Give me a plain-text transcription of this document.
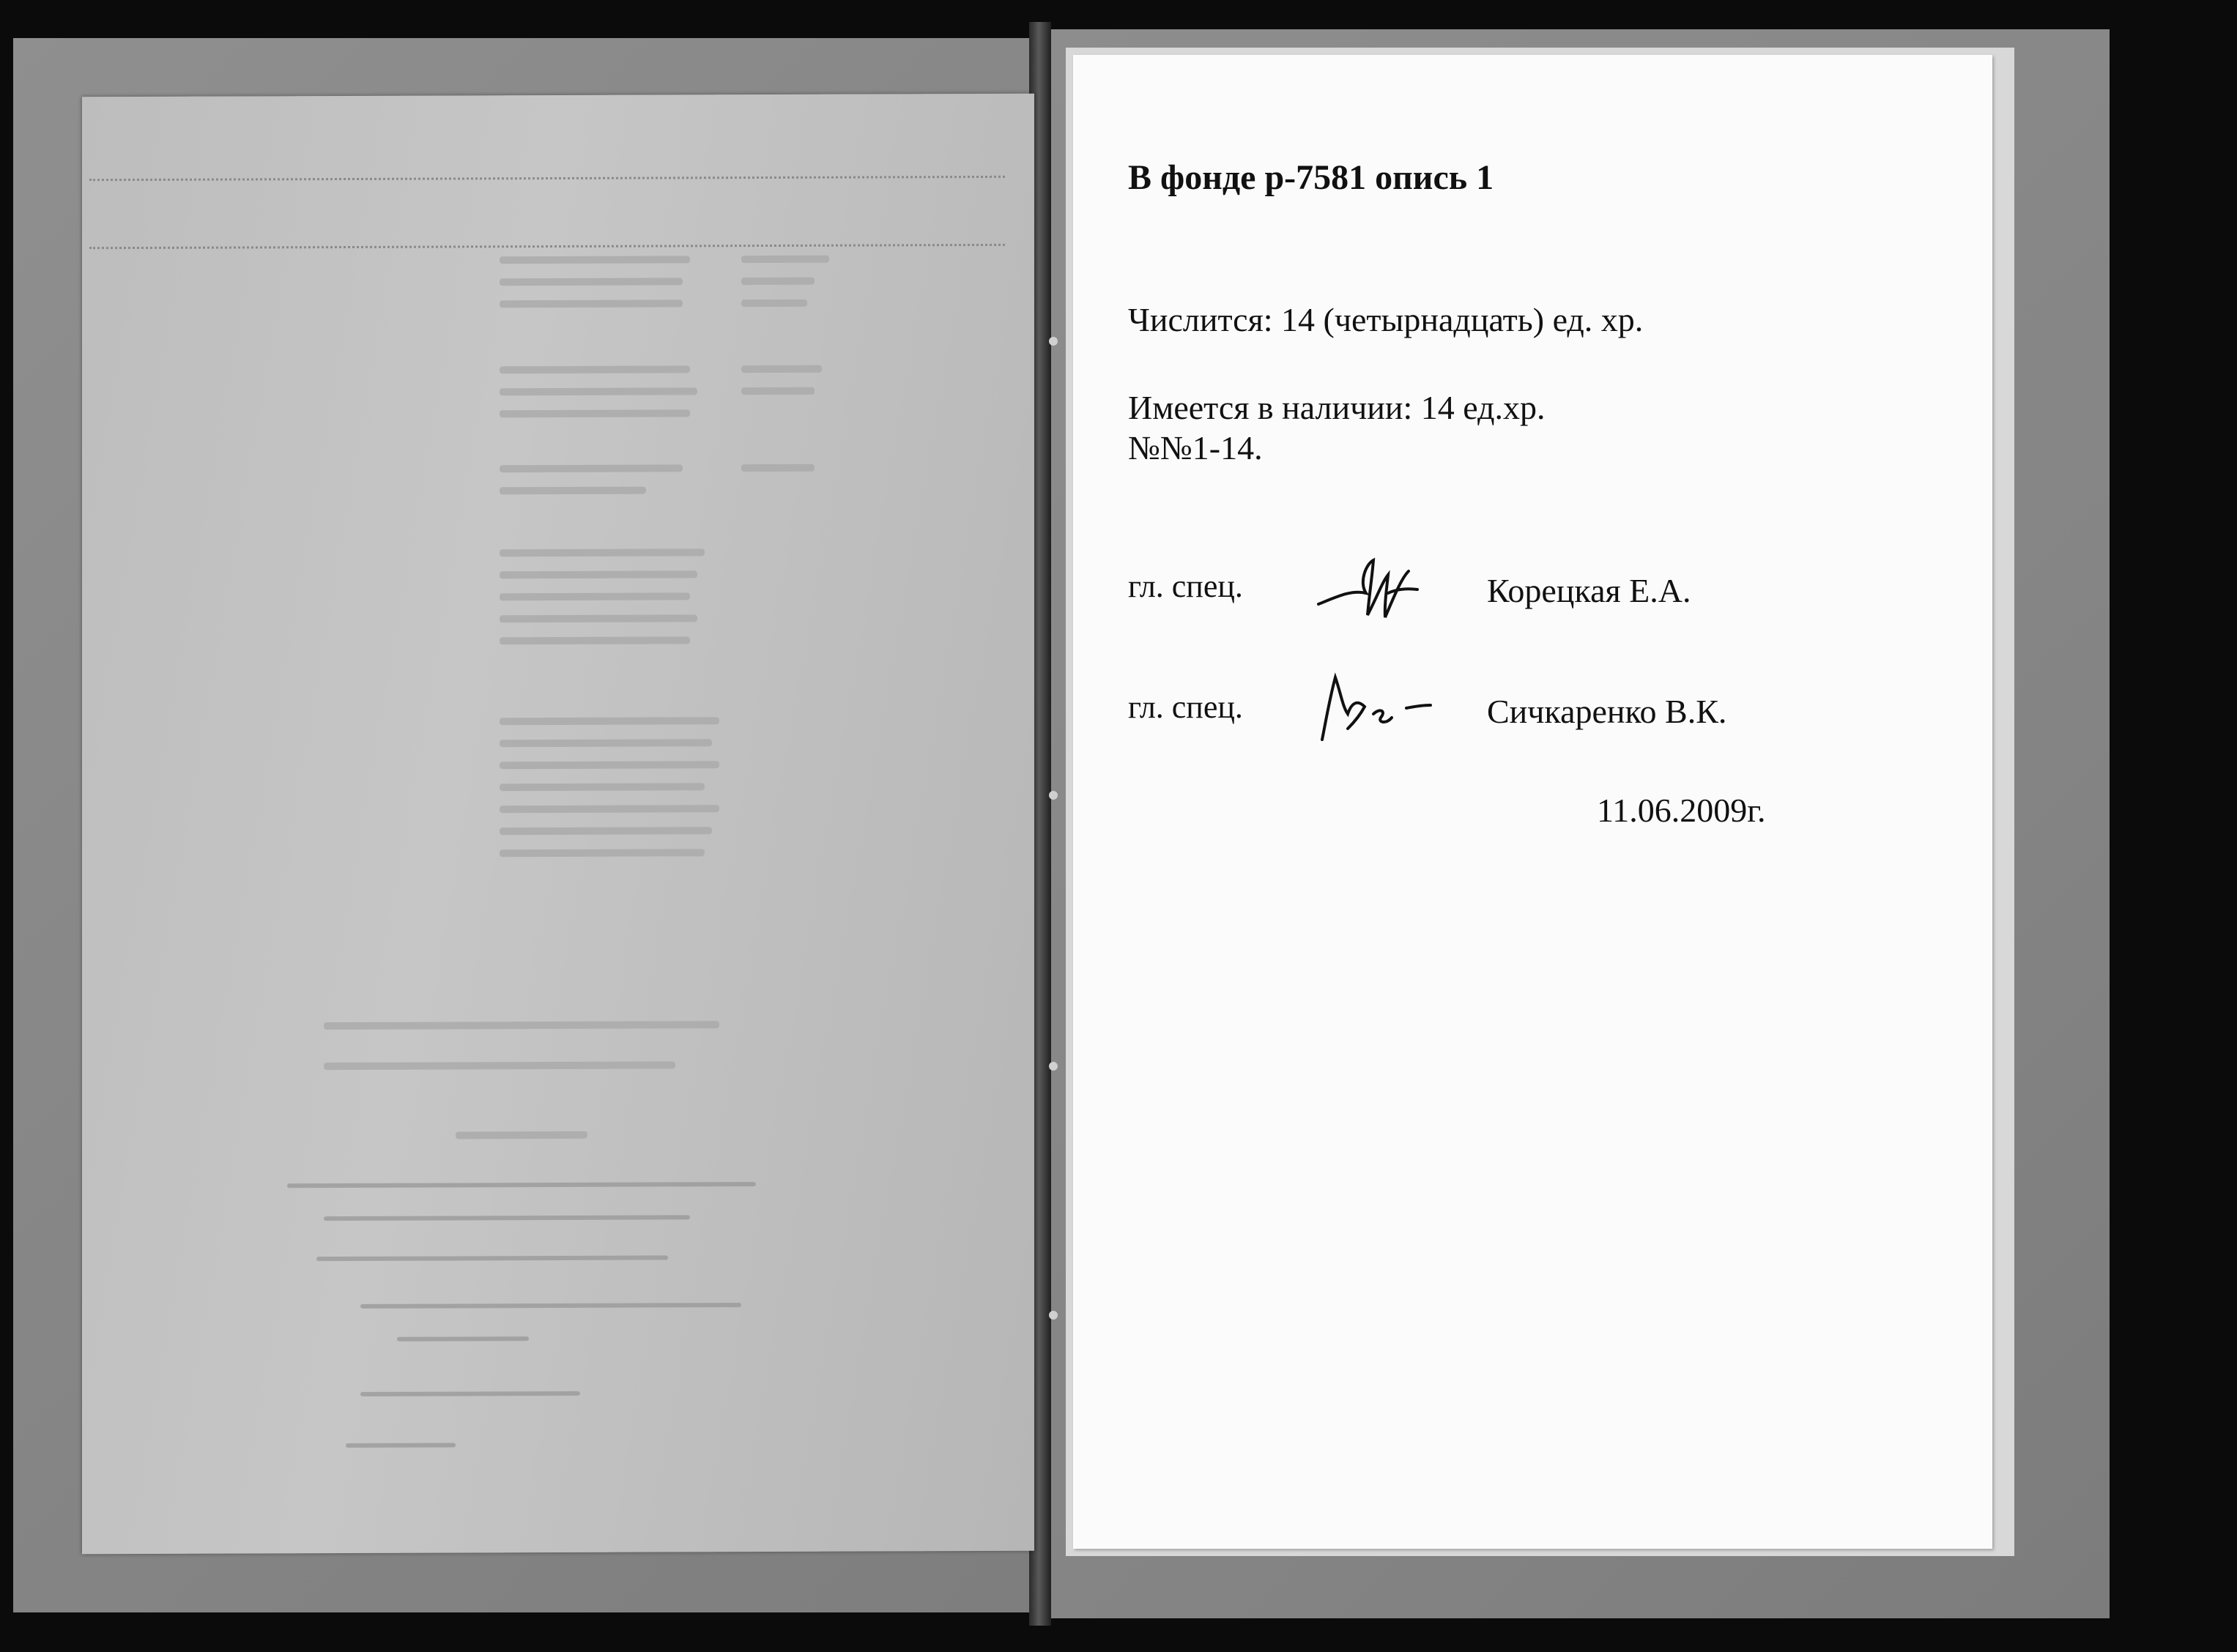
В фонде р-7581 опись 1
Числится: 14 (четырнадцать) ед. хр.
Имеется в наличии: 14 ед.хр.
№№1-14.
гл. спец.	Корецкая Е.А.
гл. спец.	Сичкаренко В.К.
11.06.2009г.
